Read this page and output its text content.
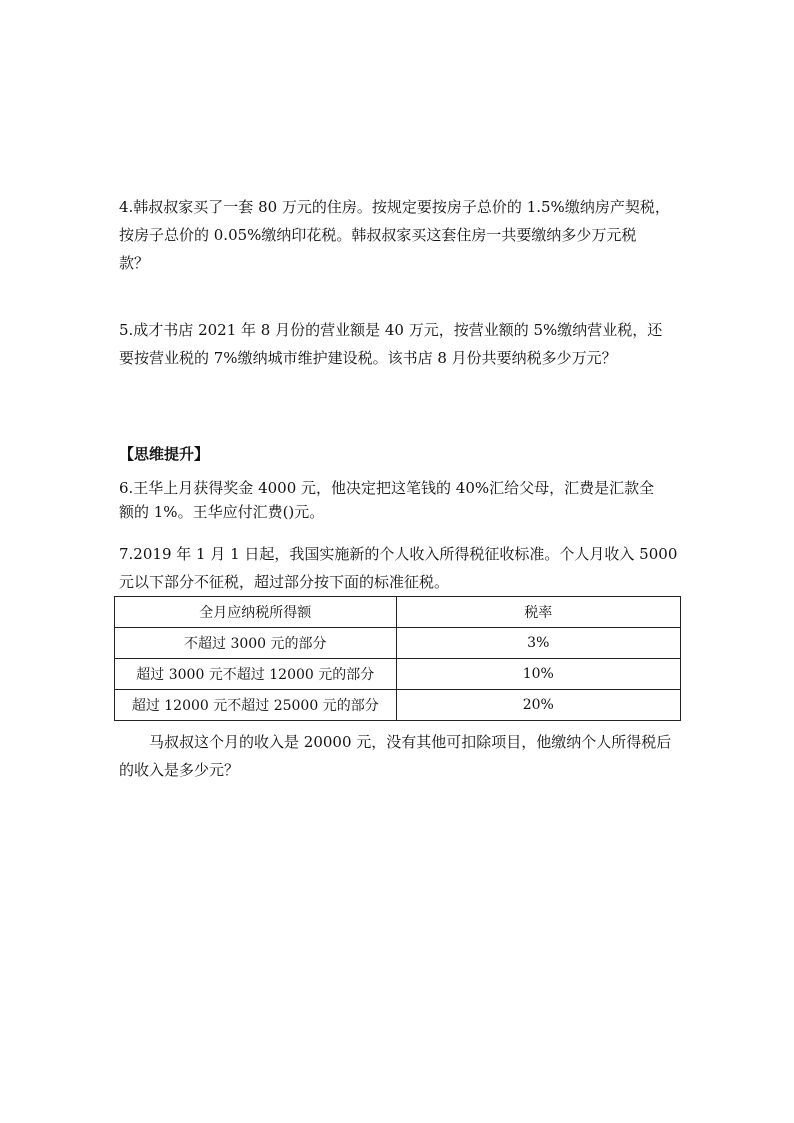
4.韩叔叔家买了一套 80 万元的住房。按规定要按房子总价的 1.5%缴纳房产契税，
按房子总价的 0.05%缴纳印花税。韩叔叔家买这套住房一共要缴纳多少万元税
款？
5.成才书店 2021 年 8 月份的营业额是 40 万元，按营业额的 5%缴纳营业税，还
要按营业税的 7%缴纳城市维护建设税。该书店 8 月份共要纳税多少万元？
【思维提升】
6.王华上月获得奖金 4000 元，他决定把这笔钱的 40%汇给父母，汇费是汇款全
额的 1%。王华应付汇费()元。
7.2019 年 1 月 1 日起，我国实施新的个人收入所得税征收标准。个人月收入 5000
元以下部分不征税，超过部分按下面的标准征税。
全月应纳税所得额	税率
不超过 3000 元的部分	3%
超过 3000 元不超过 12000 元的部分	10%
超过 12000 元不超过 25000 元的部分	20%
马叔叔这个月的收入是 20000 元，没有其他可扣除项目，他缴纳个人所得税后
的收入是多少元？
